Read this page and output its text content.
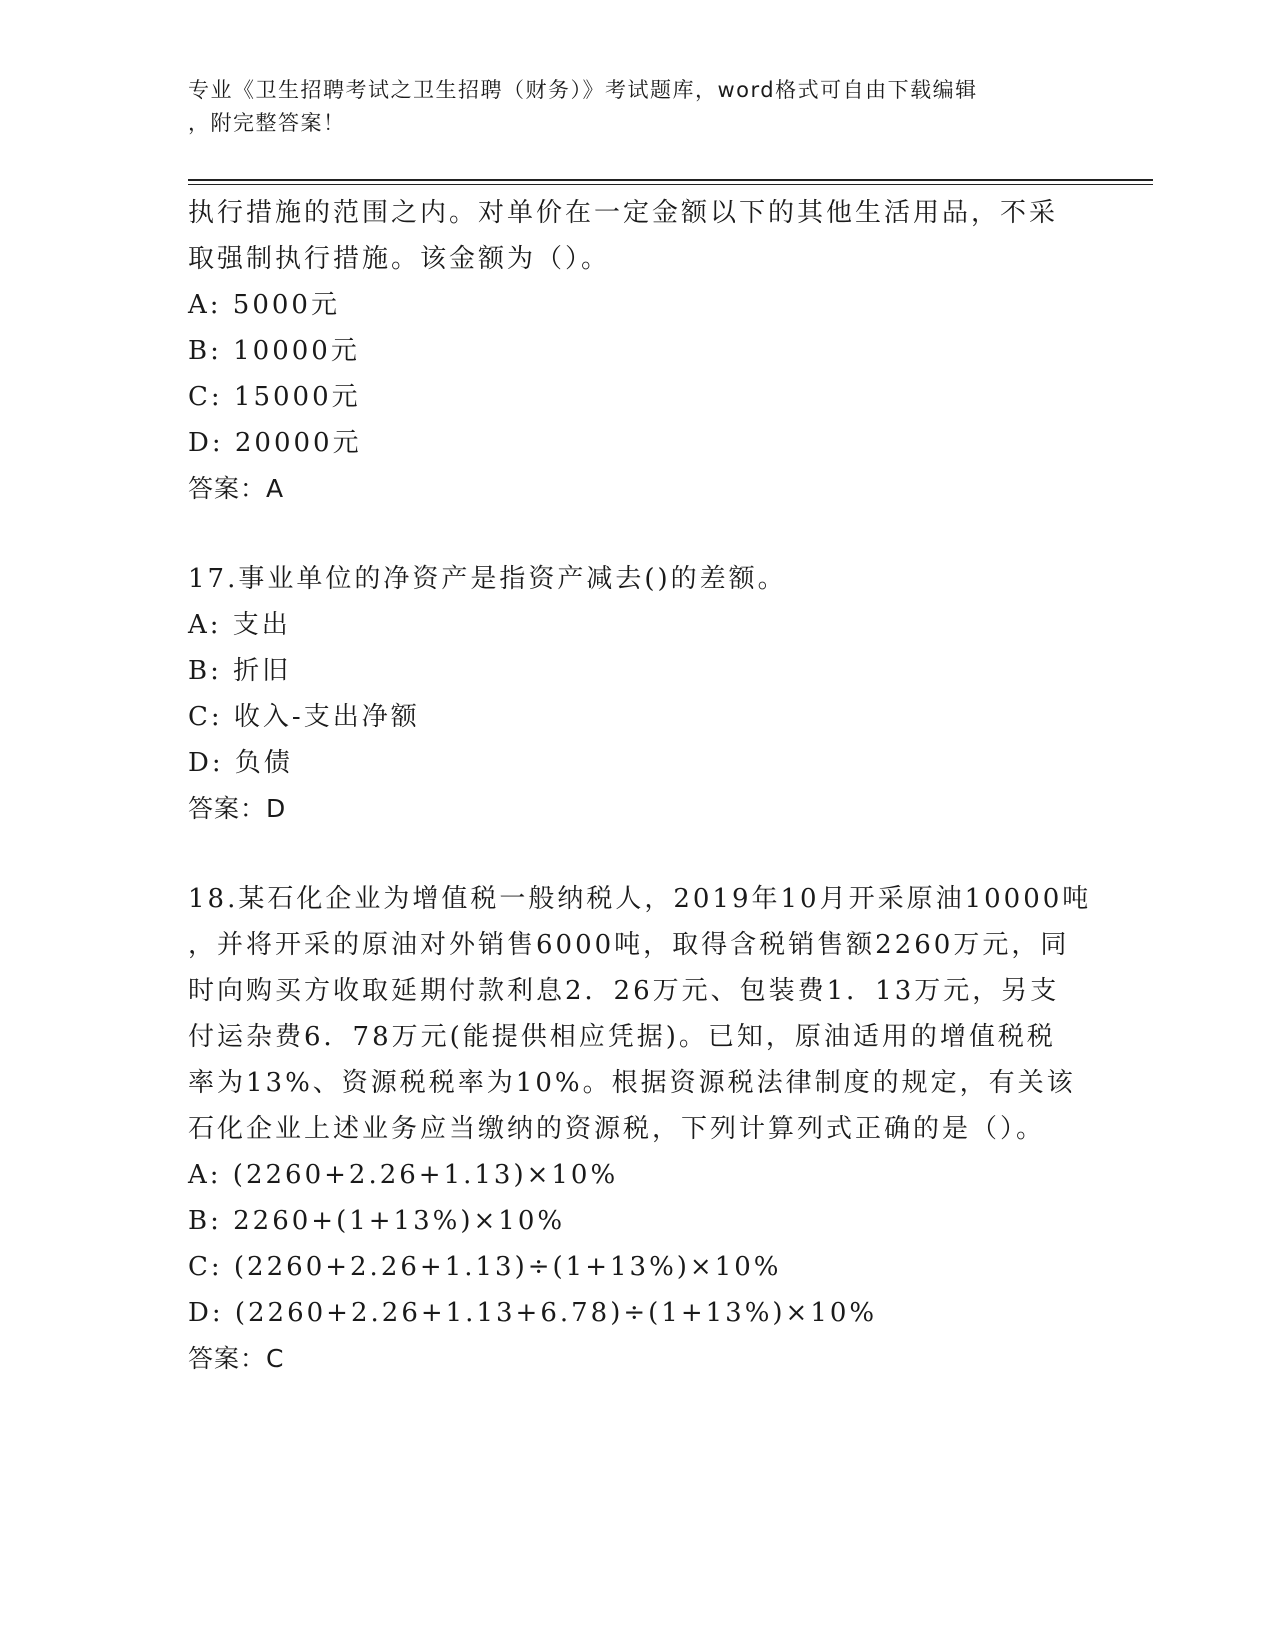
专业《卫生招聘考试之卫生招聘（财务）》考试题库，word格式可自由下载编辑
，附完整答案！
执行措施的范围之内。对单价在一定金额以下的其他生活用品，不采
取强制执行措施。该金额为（）。
A: 5000元
B: 10000元
C: 15000元
D: 20000元
答案：A
17.事业单位的净资产是指资产减去()的差额。
A: 支出
B: 折旧
C: 收入-支出净额
D: 负债
答案：D
18.某石化企业为增值税一般纳税人，2019年10月开采原油10000吨
，并将开采的原油对外销售6000吨，取得含税销售额2260万元，同
时向购买方收取延期付款利息2．26万元、包装费1．13万元，另支
付运杂费6．78万元(能提供相应凭据)。已知，原油适用的增值税税
率为13%、资源税税率为10%。根据资源税法律制度的规定，有关该
石化企业上述业务应当缴纳的资源税，下列计算列式正确的是（）。
A: (2260+2.26+1.13)×10%
B: 2260+(1+13%)×10%
C: (2260+2.26+1.13)÷(1+13%)×10%
D: (2260+2.26+1.13+6.78)÷(1+13%)×10%
答案：C
